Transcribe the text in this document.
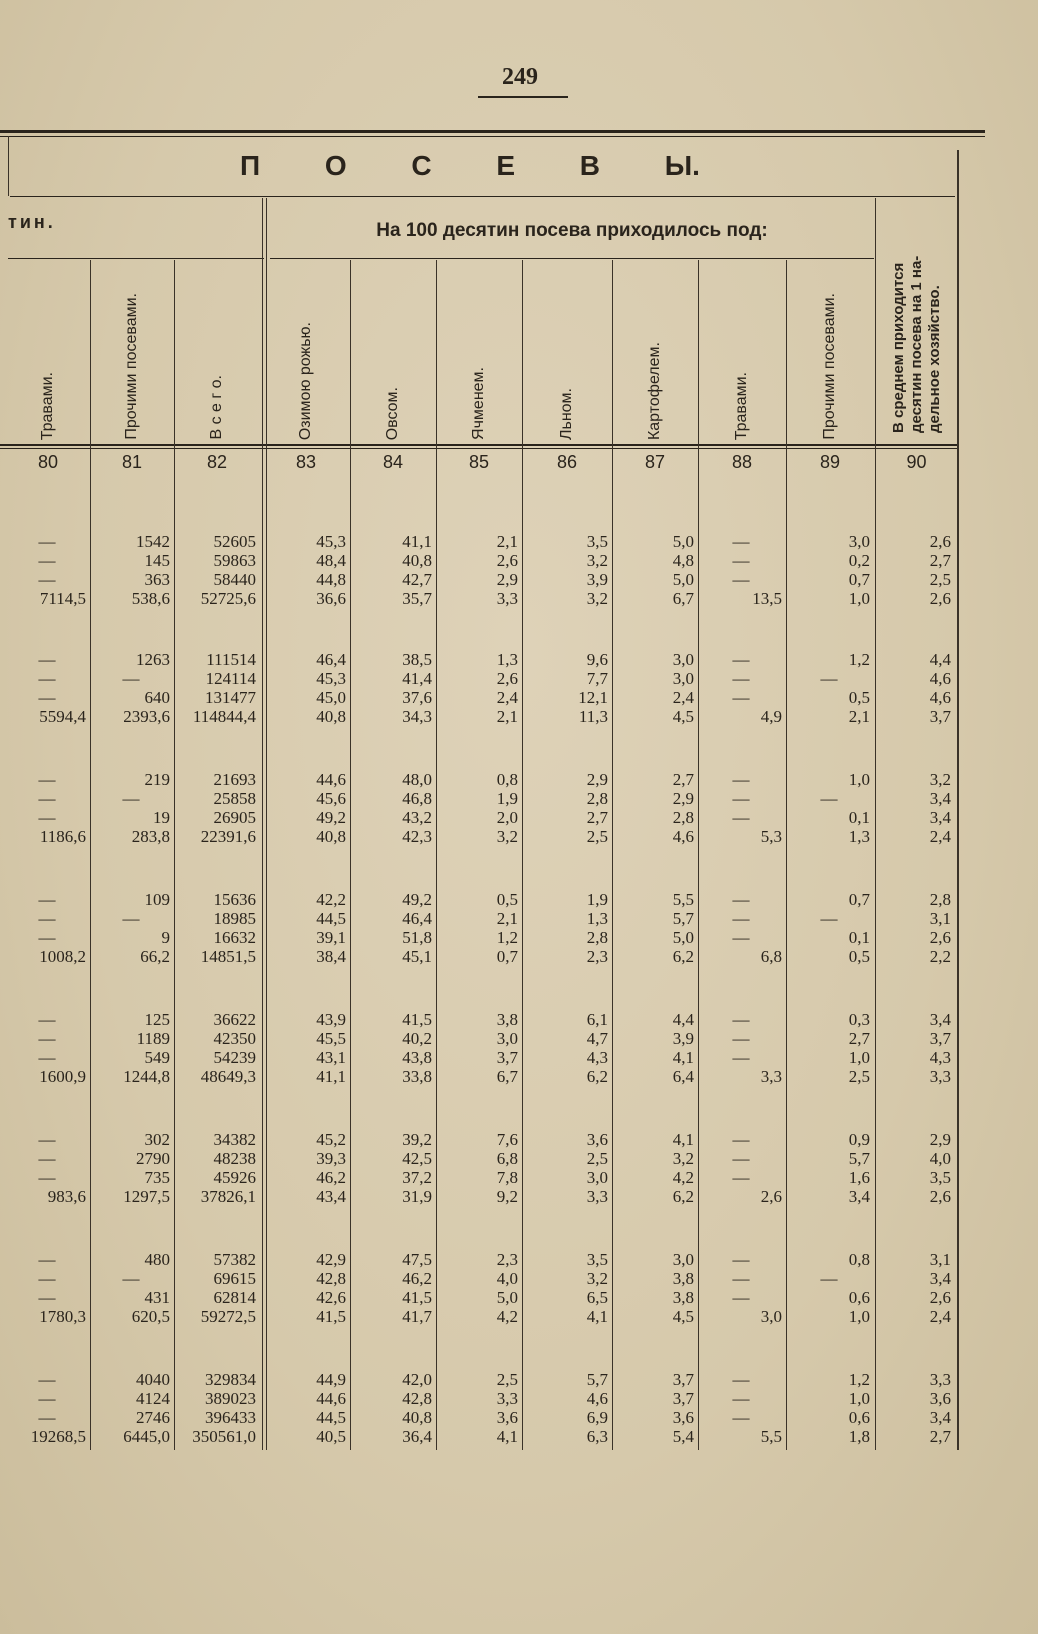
249
П О С Е В Ы.
тин.	На 100 десятин посева приходилось под:
В среднем приходится десятин посева на 1 на-дельное хозяйство.
Травами.	Прочими посевами.	В с е г о.	Озимою рожью.	Овсом.	Ячменем.	Льном.	Картофелем.	Травами.	Прочими посевами.
80	81	82	83	84	85	86	87	88	89	90
—	1542	52605	45,3	41,1	2,1	3,5	5,0	—	3,0	2,6
—	145	59863	48,4	40,8	2,6	3,2	4,8	—	0,2	2,7
—	363	58440	44,8	42,7	2,9	3,9	5,0	—	0,7	2,5
7114,5	538,6	52725,6	36,6	35,7	3,3	3,2	6,7	13,5	1,0	2,6
—	1263	111514	46,4	38,5	1,3	9,6	3,0	—	1,2	4,4
—	—	124114	45,3	41,4	2,6	7,7	3,0	—	—	4,6
—	640	131477	45,0	37,6	2,4	12,1	2,4	—	0,5	4,6
5594,4	2393,6	114844,4	40,8	34,3	2,1	11,3	4,5	4,9	2,1	3,7
—	219	21693	44,6	48,0	0,8	2,9	2,7	—	1,0	3,2
—	—	25858	45,6	46,8	1,9	2,8	2,9	—	—	3,4
—	19	26905	49,2	43,2	2,0	2,7	2,8	—	0,1	3,4
1186,6	283,8	22391,6	40,8	42,3	3,2	2,5	4,6	5,3	1,3	2,4
—	109	15636	42,2	49,2	0,5	1,9	5,5	—	0,7	2,8
—	—	18985	44,5	46,4	2,1	1,3	5,7	—	—	3,1
—	9	16632	39,1	51,8	1,2	2,8	5,0	—	0,1	2,6
1008,2	66,2	14851,5	38,4	45,1	0,7	2,3	6,2	6,8	0,5	2,2
—	125	36622	43,9	41,5	3,8	6,1	4,4	—	0,3	3,4
—	1189	42350	45,5	40,2	3,0	4,7	3,9	—	2,7	3,7
—	549	54239	43,1	43,8	3,7	4,3	4,1	—	1,0	4,3
1600,9	1244,8	48649,3	41,1	33,8	6,7	6,2	6,4	3,3	2,5	3,3
—	302	34382	45,2	39,2	7,6	3,6	4,1	—	0,9	2,9
—	2790	48238	39,3	42,5	6,8	2,5	3,2	—	5,7	4,0
—	735	45926	46,2	37,2	7,8	3,0	4,2	—	1,6	3,5
983,6	1297,5	37826,1	43,4	31,9	9,2	3,3	6,2	2,6	3,4	2,6
—	480	57382	42,9	47,5	2,3	3,5	3,0	—	0,8	3,1
—	—	69615	42,8	46,2	4,0	3,2	3,8	—	—	3,4
—	431	62814	42,6	41,5	5,0	6,5	3,8	—	0,6	2,6
1780,3	620,5	59272,5	41,5	41,7	4,2	4,1	4,5	3,0	1,0	2,4
—	4040	329834	44,9	42,0	2,5	5,7	3,7	—	1,2	3,3
—	4124	389023	44,6	42,8	3,3	4,6	3,7	—	1,0	3,6
—	2746	396433	44,5	40,8	3,6	6,9	3,6	—	0,6	3,4
19268,5	6445,0	350561,0	40,5	36,4	4,1	6,3	5,4	5,5	1,8	2,7
